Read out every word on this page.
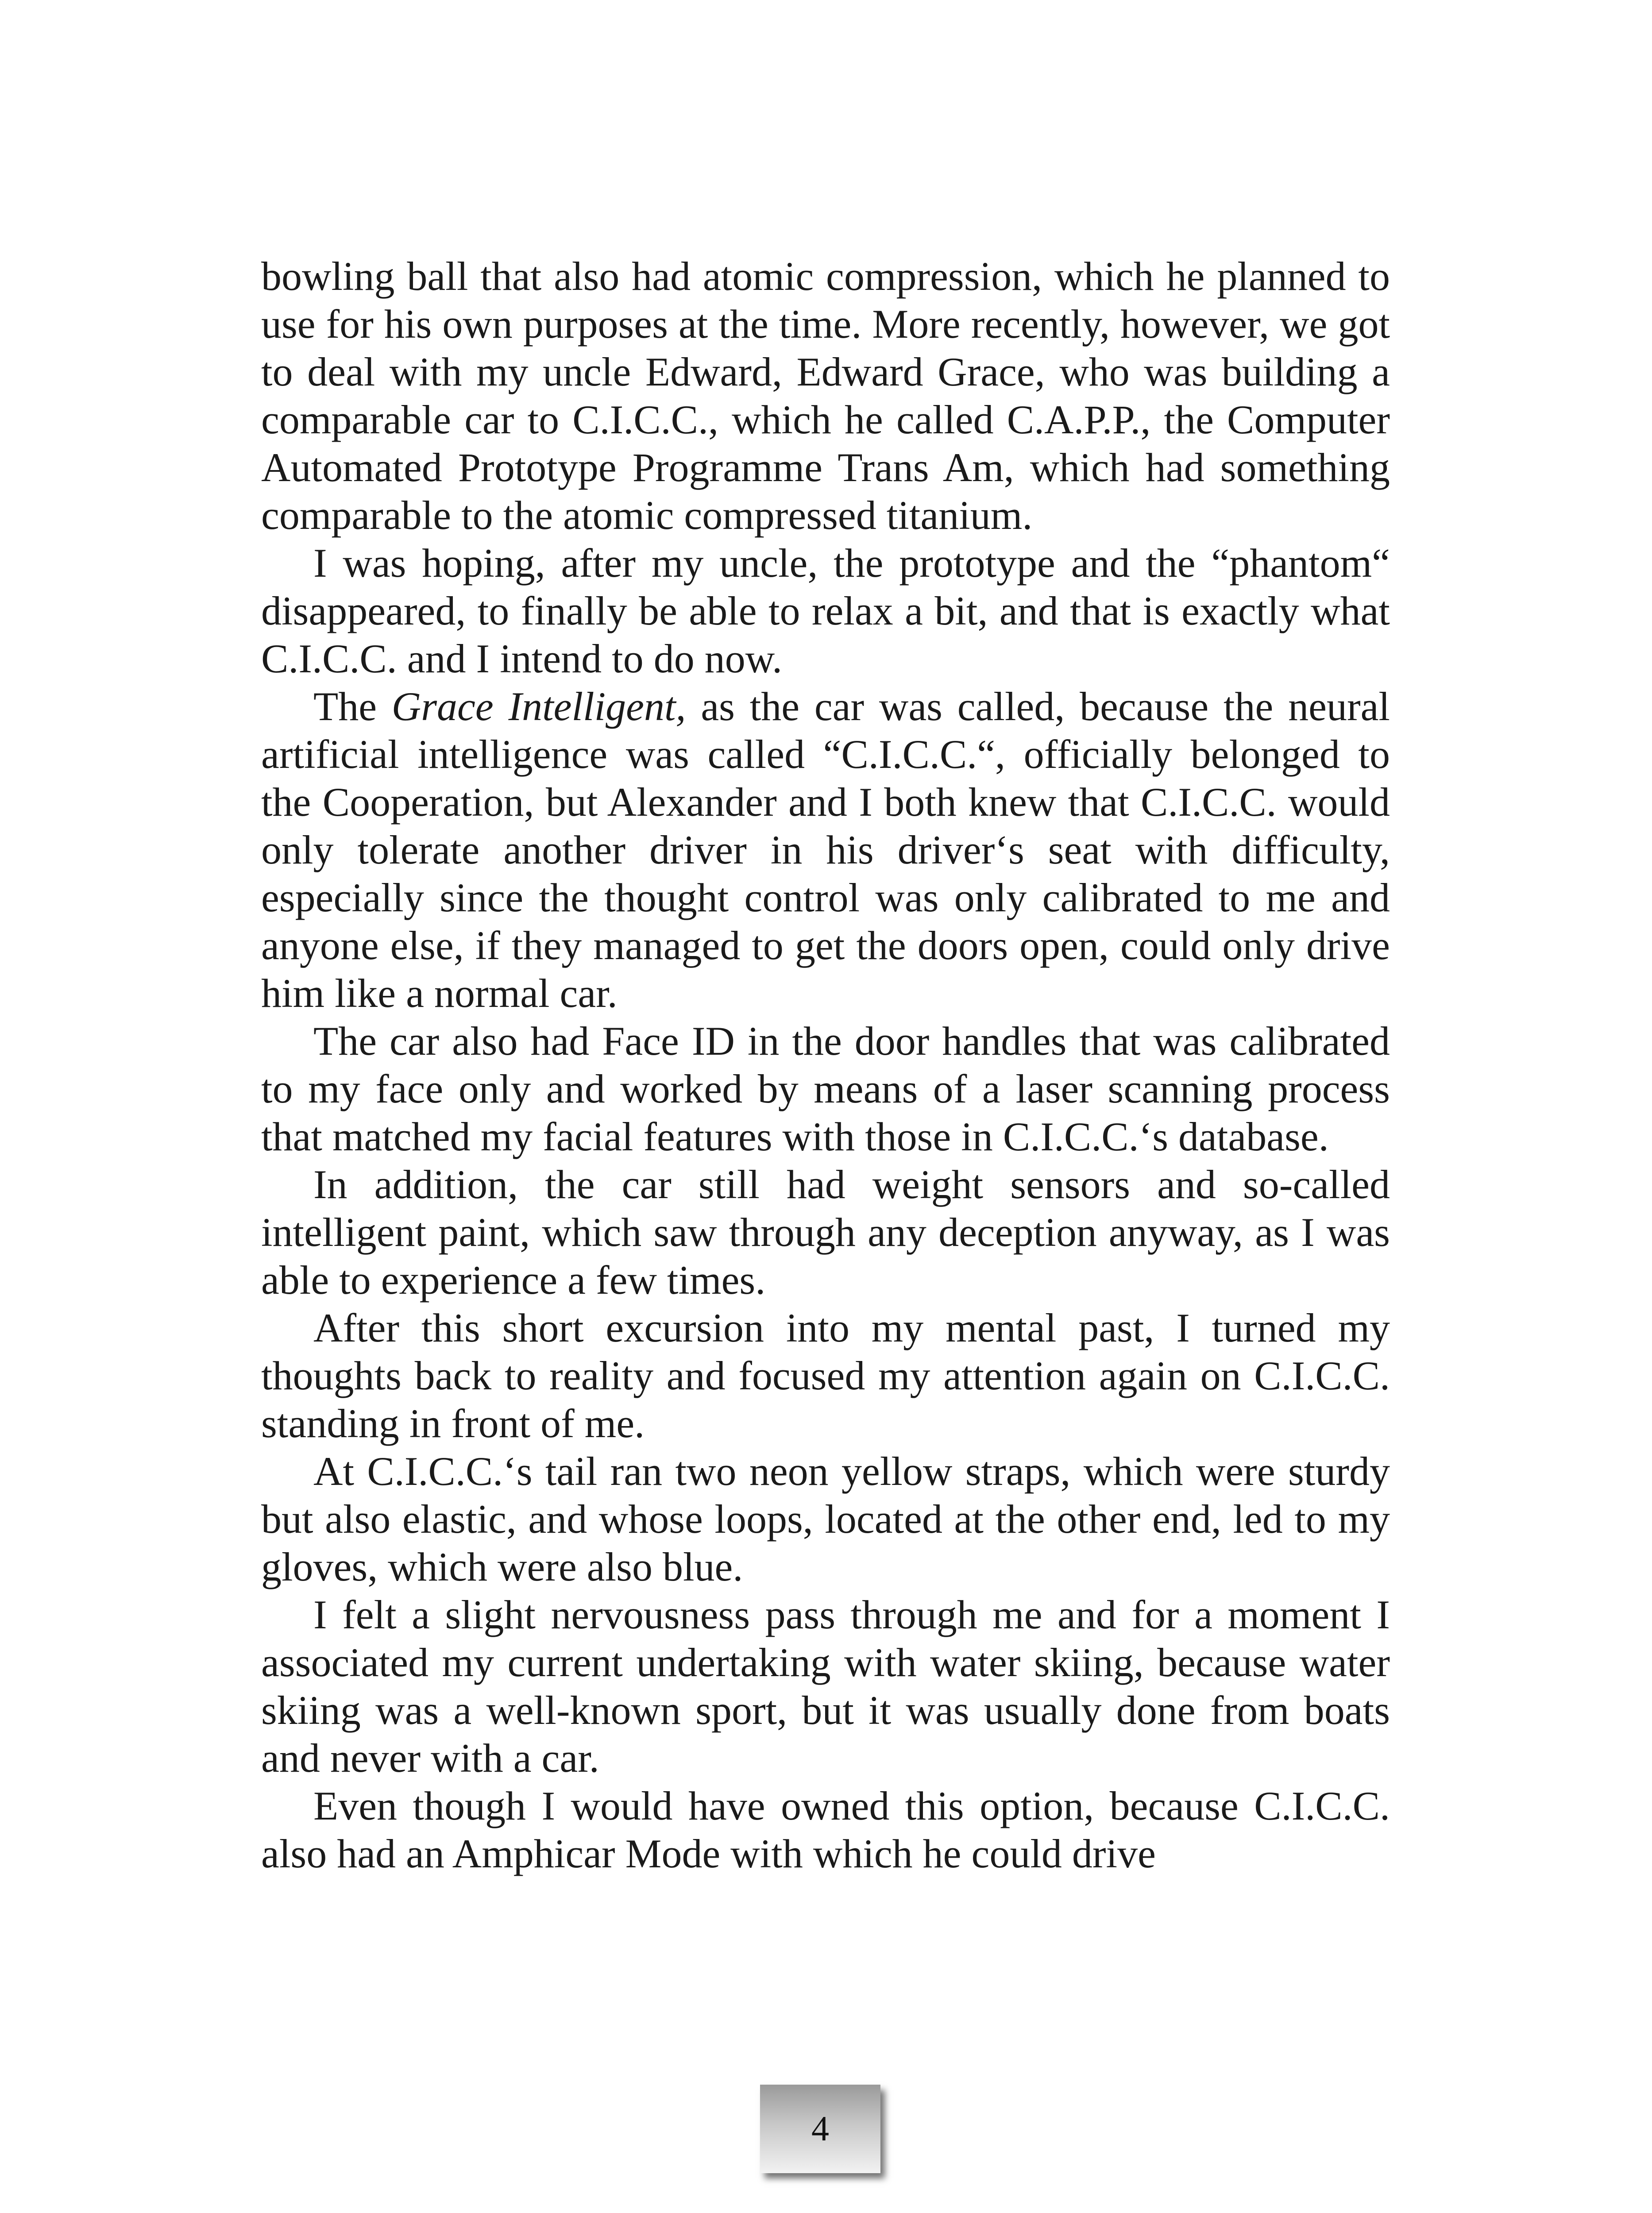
bowling ball that also had atomic compression, which he planned to use for his own purposes at the time. More recently, however, we got to deal with my uncle Edward, Edward Grace, who was building a comparable car to C.I.C.C., which he called C.A.P.P., the Computer Automated Prototype Programme Trans Am, which had something comparable to the atomic compressed titanium.

I was hoping, after my uncle, the prototype and the “phantom“ disappeared, to finally be able to relax a bit, and that is exactly what C.I.C.C. and I intend to do now.

The Grace Intelligent, as the car was called, because the neural artificial intelligence was called “C.I.C.C.“, officially belonged to the Cooperation, but Alexander and I both knew that C.I.C.C. would only tolerate another driver in his driver‘s seat with difficulty, especially since the thought control was only calibrated to me and anyone else, if they managed to get the doors open, could only drive him like a normal car.

The car also had Face ID in the door handles that was calibrated to my face only and worked by means of a laser scanning process that matched my facial features with those in C.I.C.C.‘s database.

In addition, the car still had weight sensors and so-called intelligent paint, which saw through any deception anyway, as I was able to experience a few times.

After this short excursion into my mental past, I turned my thoughts back to reality and focused my attention again on C.I.C.C. standing in front of me.

At C.I.C.C.‘s tail ran two neon yellow straps, which were sturdy but also elastic, and whose loops, located at the other end, led to my gloves, which were also blue.

I felt a slight nervousness pass through me and for a moment I associated my current undertaking with water skiing, because water skiing was a well-known sport, but it was usually done from boats and never with a car.

Even though I would have owned this option, because C.I.C.C. also had an Amphicar Mode with which he could drive

4
